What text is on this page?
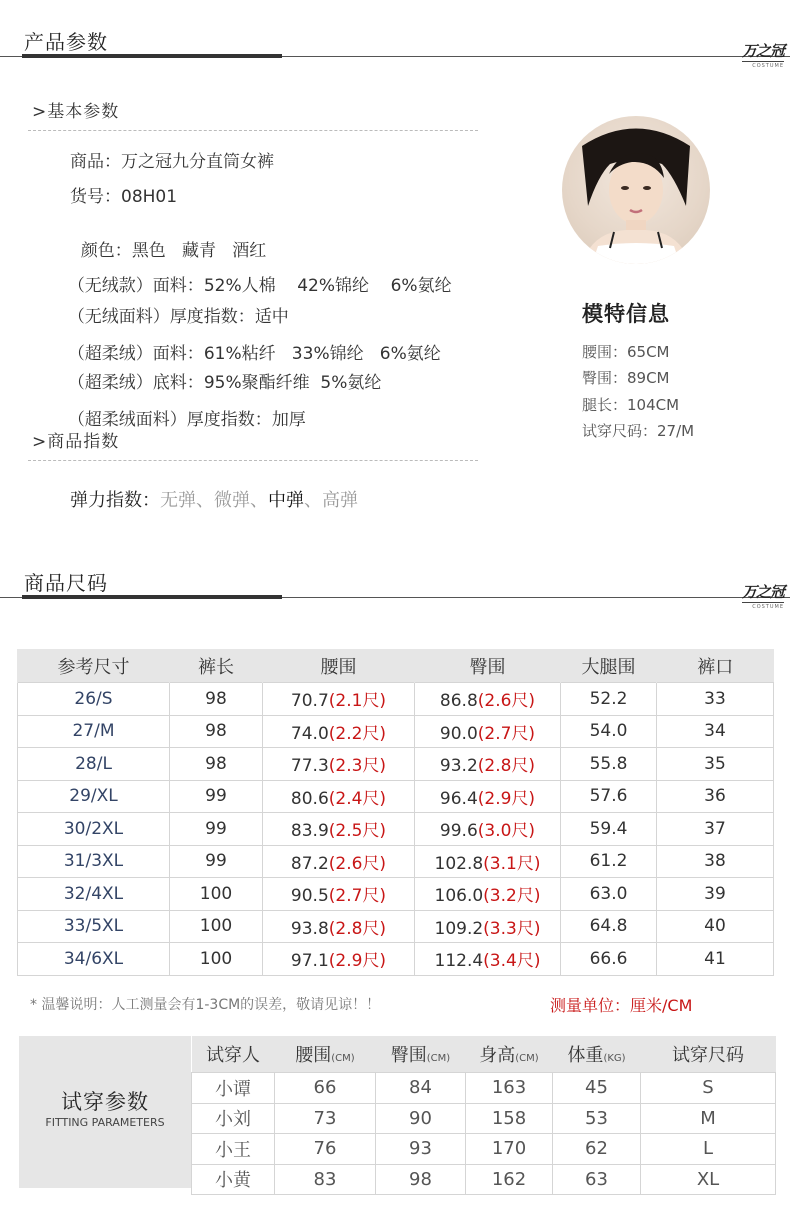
产品参数	万之冠
COSTUME
>基本参数
商品：万之冠九分直筒女裤
货号：08H01

颜色：黑色   藏青   酒红

（无绒款）面料：52%人棉    42%锦纶    6%氨纶

（无绒面料）厚度指数：适中

（超柔绒）面料：61%粘纤   33%锦纶   6%氨纶

（超柔绒）底料：95%聚酯纤维  5%氨纶

（超柔绒面料）厚度指数：加厚

>商品指数
弹力指数：无弹、微弹、中弹、高弹
模特信息
腰围：65CM
臀围：89CM
腿长：104CM
试穿尺码：27/M
商品尺码	万之冠
COSTUME
参考尺寸	裤长	腰围	臀围	大腿围	裤口
26/S	98	70.7(2.1尺)	86.8(2.6尺)	52.2	33
27/M	98	74.0(2.2尺)	90.0(2.7尺)	54.0	34
28/L	98	77.3(2.3尺)	93.2(2.8尺)	55.8	35
29/XL	99	80.6(2.4尺)	96.4(2.9尺)	57.6	36
30/2XL	99	83.9(2.5尺)	99.6(3.0尺)	59.4	37
31/3XL	99	87.2(2.6尺)	102.8(3.1尺)	61.2	38
32/4XL	100	90.5(2.7尺)	106.0(3.2尺)	63.0	39
33/5XL	100	93.8(2.8尺)	109.2(3.3尺)	64.8	40
34/6XL	100	97.1(2.9尺)	112.4(3.4尺)	66.6	41
* 温馨说明：人工测量会有1-3CM的误差，敬请见谅！！	测量单位：厘米/CM
试穿参数
FITTING PARAMETERS
试穿人	腰围(CM)	臀围(CM)	身高(CM)	体重(KG)	试穿尺码
小谭	66	84	163	45	S
小刘	73	90	158	53	M
小王	76	93	170	62	L
小黄	83	98	162	63	XL
